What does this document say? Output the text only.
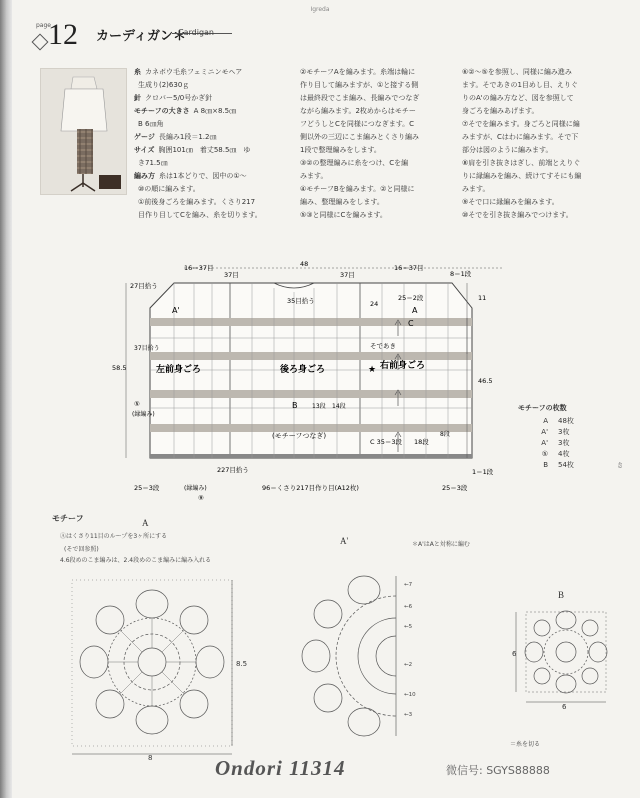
Igreda
page
12 カーディガン＊
Cardigan
糸 カネボウ毛糸フェミニンモヘア
生成り(2)630ｇ
針 クロバー5/0号かぎ針
モチーフの大きさ A 8㎝×8.5㎝
B 6㎝角
ゲージ 長編み1段＝1.2㎝
サイズ 胸囲101㎝　着丈58.5㎝　ゆ
き71.5㎝
編み方 糸は1本どりで、図中の①〜
⑩の順に編みます。
①前後身ごろを編みます。くさり217
目作り目してCを編み、糸を切ります。
②モチーフAを編みます。糸端は輪に
作り目して編みますが、①と接する側
は最終段でこま編み、長編みでつなぎ
ながら編みます。2枚めからはモチー
フどうしとCを同様につなぎます。C
側以外の三辺にこま編みとくさり編み
1段で整理編みをします。
③②の整理編みに糸をつけ、Cを編
みます。
④モチーフBを編みます。②と同様に
編み、整理編みをします。
⑤③と同様にCを編みます。
⑥②〜⑤を参照し、同様に編み進み
ます。そであきの1目めし目、えりぐ
りのA'の編み方など、図を参照して
身ごろを編みあげます。
⑦そでを編みます。身ごろと同様に編
みますが、Cはわに編みます。そで下
部分は図のように編みます。
⑧肩を引き抜きはぎし、前端とえりぐ
りに縁編みを編み、続けてすそにも編
みます。
⑨そで口に縁編みを編みます。
⑩そでを引き抜き編みでつけます。
16＝37目	48	16＝37目
37目	37目	8＝1段
27目拾う
35目拾う	24
25＝2段	11
46.5
58.5
37目拾う
⑤
(縁編み)
C 35＝3段 18段
8段
13段 14段
227目拾う
25＝3段	25＝3段
1＝1段
(縁編み)
⑨
96＝くさり217目作り目(A12枚)
左前身ごろ	後ろ身ごろ	右前身ごろ
(モチーフつなぎ)
そであき
★
A'	A
B
C
モチーフの枚数
A 48枚
A' 3枚
A' 3枚
⑤ 4枚
B 54枚
モチーフ	A
A'
B
Ⓐはくさり11目のループを3ヶ所にする
(そで回参照)
4.6段めのこま編みは、2.4段めのこま編みに編み入れる
＊A'はAと対称に編む
8.5
8
←7
←6
←5
←2
←10
←3
6
6
＝糸を切る
Ondori 11314	微信号: SGYS88888
49
